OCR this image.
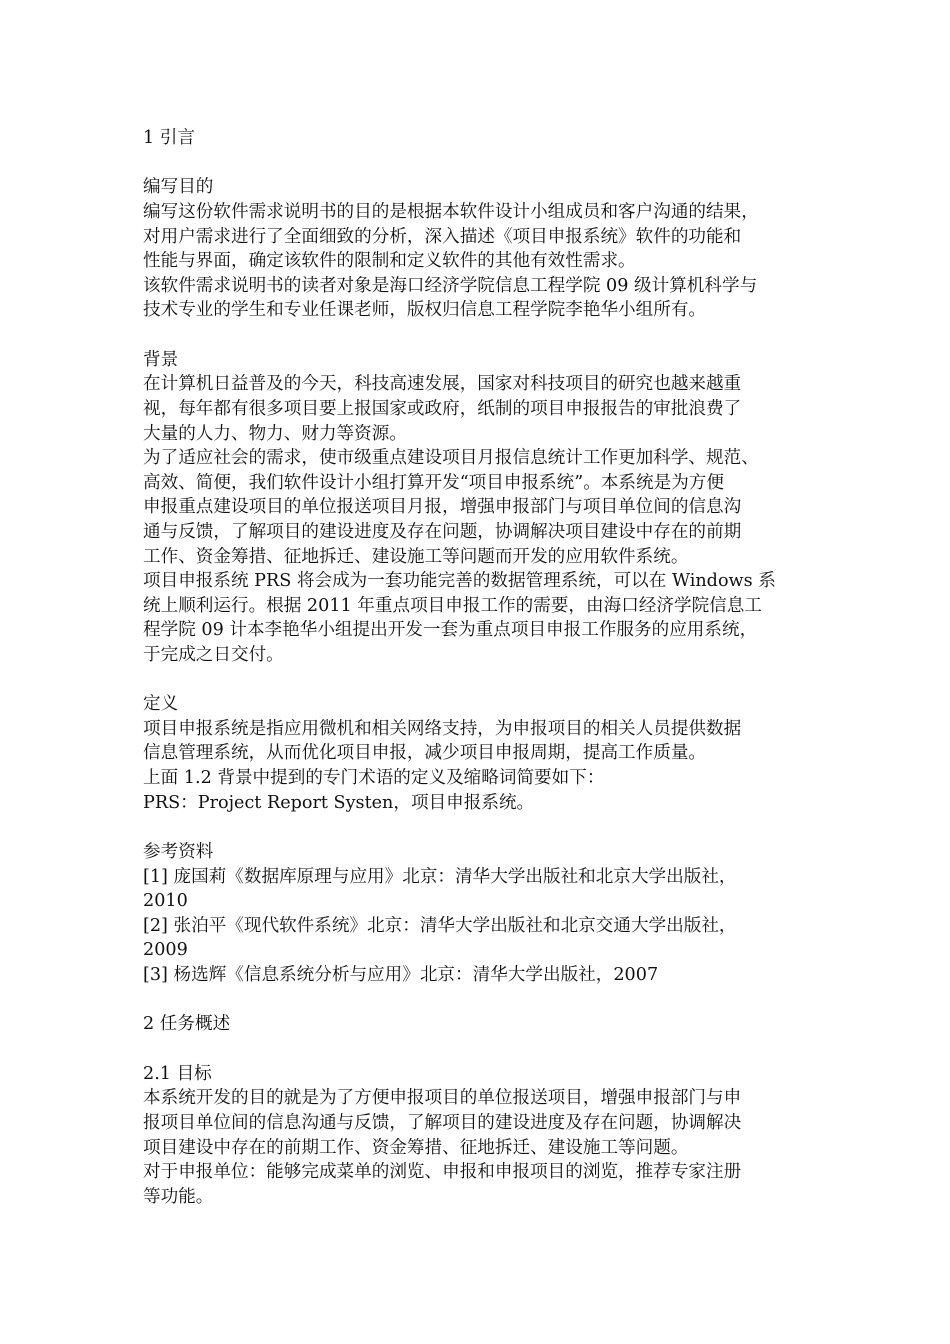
1 引言
编写目的
编写这份软件需求说明书的目的是根据本软件设计小组成员和客户沟通的结果，
对用户需求进行了全面细致的分析，深入描述《项目申报系统》软件的功能和
性能与界面，确定该软件的限制和定义软件的其他有效性需求。
该软件需求说明书的读者对象是海口经济学院信息工程学院 09 级计算机科学与
技术专业的学生和专业任课老师，版权归信息工程学院李艳华小组所有。
背景
在计算机日益普及的今天，科技高速发展，国家对科技项目的研究也越来越重
视，每年都有很多项目要上报国家或政府，纸制的项目申报报告的审批浪费了
大量的人力、物力、财力等资源。
为了适应社会的需求，使市级重点建设项目月报信息统计工作更加科学、规范、
高效、简便，我们软件设计小组打算开发“项目申报系统”。本系统是为方便
申报重点建设项目的单位报送项目月报，增强申报部门与项目单位间的信息沟
通与反馈，了解项目的建设进度及存在问题，协调解决项目建设中存在的前期
工作、资金筹措、征地拆迁、建设施工等问题而开发的应用软件系统。
项目申报系统 PRS 将会成为一套功能完善的数据管理系统，可以在 Windows 系
统上顺利运行。根据 2011 年重点项目申报工作的需要，由海口经济学院信息工
程学院 09 计本李艳华小组提出开发一套为重点项目申报工作服务的应用系统，
于完成之日交付。
定义
项目申报系统是指应用微机和相关网络支持，为申报项目的相关人员提供数据
信息管理系统，从而优化项目申报，减少项目申报周期，提高工作质量。
上面 1.2 背景中提到的专门术语的定义及缩略词简要如下：
PRS：Project Report Systen，项目申报系统。
参考资料
[1] 庞国莉《数据库原理与应用》北京：清华大学出版社和北京大学出版社，
2010
[2] 张泊平《现代软件系统》北京：清华大学出版社和北京交通大学出版社，
2009
[3] 杨选辉《信息系统分析与应用》北京：清华大学出版社，2007
2 任务概述
2.1 目标
本系统开发的目的就是为了方便申报项目的单位报送项目，增强申报部门与申
报项目单位间的信息沟通与反馈，了解项目的建设进度及存在问题，协调解决
项目建设中存在的前期工作、资金筹措、征地拆迁、建设施工等问题。
对于申报单位：能够完成菜单的浏览、申报和申报项目的浏览，推荐专家注册
等功能。
